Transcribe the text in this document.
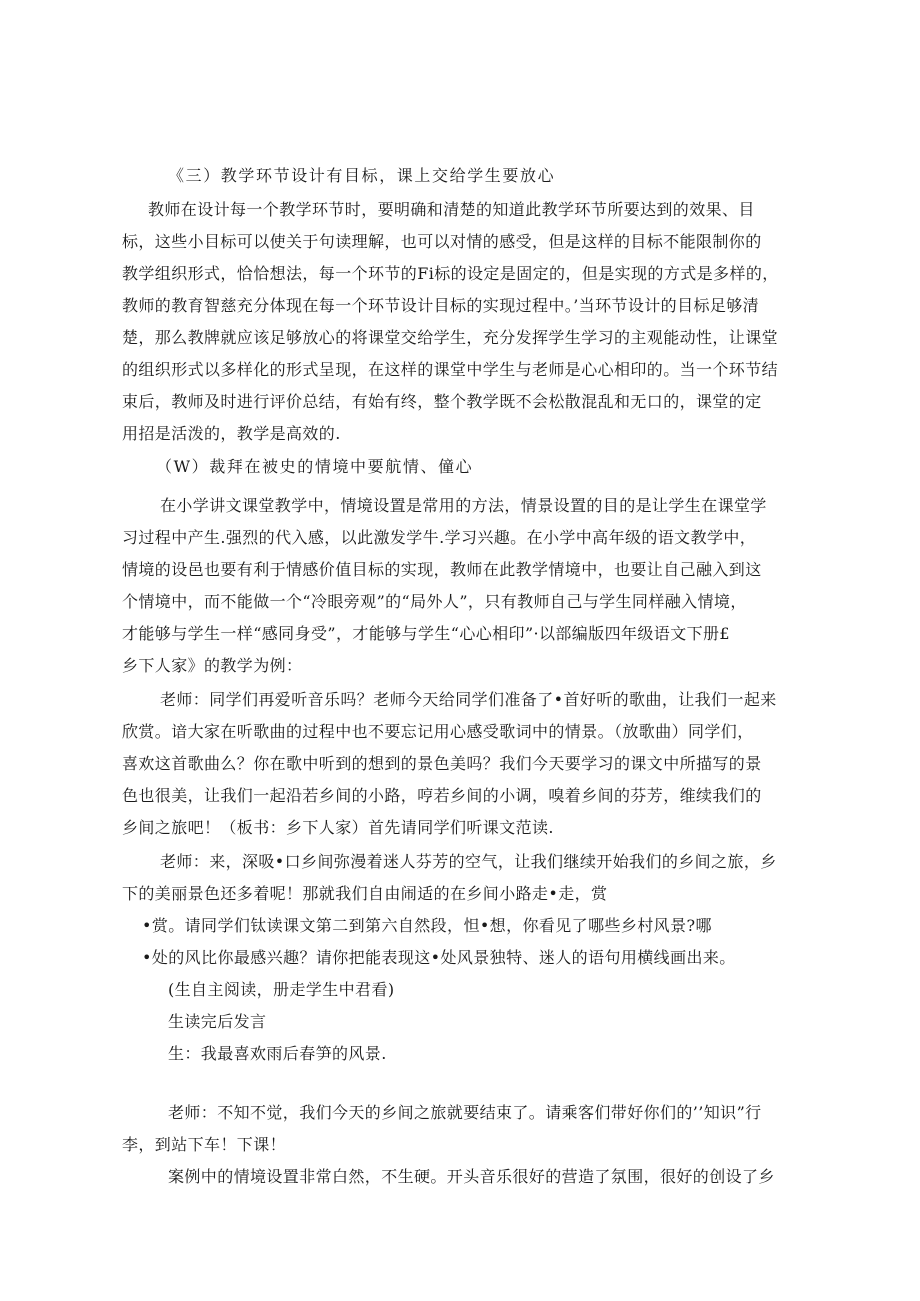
《三）教学环节设计有目标，课上交给学生要放心
教师在设计每一个教学环节时，要明确和清楚的知道此教学环节所要达到的效果、目
标，这些小目标可以使关于句读理解，也可以对情的感受，但是这样的目标不能限制你的
教学组织形式，恰恰想法，每一个环节的Fi标的设定是固定的，但是实现的方式是多样的，
教师的教育智慈充分体现在每一个环节设计目标的实现过程中。’当环节设计的目标足够清
楚，那么教牌就应该足够放心的将课堂交给学生，充分发挥学生学习的主观能动性，让课堂
的组织形式以多样化的形式呈现，在这样的课堂中学生与老师是心心相印的。当一个环节结
束后，教师及时进行评价总结，有始有终，整个教学既不会松散混乱和无口的，课堂的定
用招是活泼的，教学是高效的.
（W）裁拜在被史的情境中要航情、僮心
在小学讲文课堂教学中，情境设置是常用的方法，情景设置的目的是让学生在课堂学
习过程中产生.强烈的代入感，以此激发学牛.学习兴趣。在小学中高年级的语文教学中，
情境的设邑也要有利于情感价值目标的实现，教师在此教学情境中，也要让自己融入到这
个情境中，而不能做一个“冷眼旁观”的“局外人”，只有教师自己与学生同样融入情境，
才能够与学生一样“感同身受”，才能够与学生“心心相印”·以部编版四年级语文下册£
乡下人家》的教学为例：
老师：同学们再爱听音乐吗？老师今天给同学们准备了•首好听的歌曲，让我们一起来
欣赏。谙大家在听歌曲的过程中也不要忘记用心感受歌词中的情景。（放歌曲）同学们，
喜欢这首歌曲么？你在歌中听到的想到的景色美吗？我们今天要学习的课文中所描写的景
色也很美，让我们一起沿若乡间的小路，哼若乡间的小调，嗅着乡间的芬芳，维续我们的
乡间之旅吧！（板书：乡下人家）首先请同学们听课文范读.
老师：来，深吸•口乡间弥漫着迷人芬芳的空气，让我们继续开始我们的乡间之旅，乡
下的美丽景色还多着呢！那就我们自由闹适的在乡间小路走•走，赏
•赏。请同学们钛读课文第二到第六自然段，怛•想，你看见了哪些乡村风景?哪
•处的风比你最感兴趣？请你把能表现这•处风景独特、迷人的语句用横线画出来。
(生自主阅读，册走学生中君看)
生读完后发言
生：我最喜欢雨后春笋的风景.
老师：不知不觉，我们今天的乡间之旅就要结束了。请乘客们带好你们的’’知识”行
李，到站下车！下课！
案例中的情境设置非常白然，不生硬。开头音乐很好的营造了氛围，很好的创设了乡
